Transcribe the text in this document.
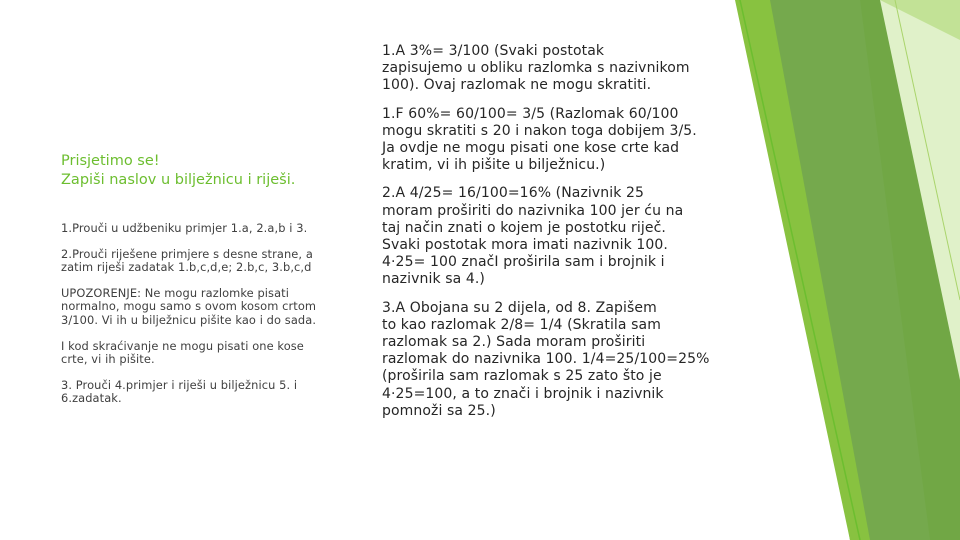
Prisjetimo se!
Zapiši naslov u bilježnicu i riješi.
1.Prouči u udžbeniku primjer 1.a, 2.a,b i 3.
2.Prouči riješene primjere s desne strane, a
zatim riješi zadatak 1.b,c,d,e; 2.b,c, 3.b,c,d
UPOZORENJE: Ne mogu razlomke pisati
normalno, mogu samo s ovom kosom crtom
3/100. Vi ih u bilježnicu pišite kao i do sada.
I kod skraćivanje ne mogu pisati one kose
crte, vi ih pišite.
3. Prouči 4.primjer i riješi u bilježnicu 5. i
6.zadatak.
1.A 3%= 3/100 (Svaki postotak
zapisujemo u obliku razlomka s nazivnikom
100). Ovaj razlomak ne mogu skratiti.
1.F 60%= 60/100= 3/5 (Razlomak 60/100
mogu skratiti s 20 i nakon toga dobijem 3/5.
Ja ovdje ne mogu pisati one kose crte kad
kratim, vi ih pišite u bilježnicu.)
2.A 4/25= 16/100=16% (Nazivnik 25
moram proširiti do nazivnika 100 jer ću na
taj način znati o kojem je postotku riječ.
Svaki postotak mora imati nazivnik 100.
4·25= 100 značI proširila sam i brojnik i
nazivnik sa 4.)
3.A Obojana su 2 dijela, od 8. Zapišem
to kao razlomak 2/8= 1/4 (Skratila sam
razlomak sa 2.) Sada moram proširiti
razlomak do nazivnika 100. 1/4=25/100=25%
(proširila sam razlomak s 25 zato što je
4·25=100, a to znači i brojnik i nazivnik
pomnoži sa 25.)
